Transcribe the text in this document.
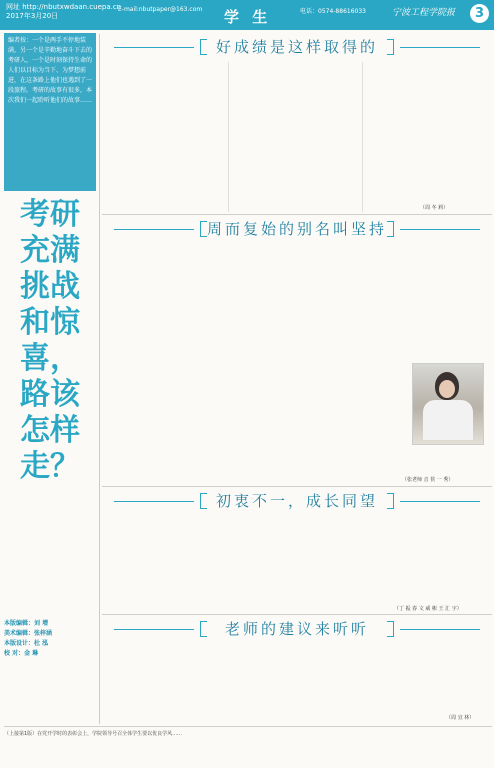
网址 http://nbutxwdaan.cuepa.cn
2017年3月20日
E-mail:nbutpaper@163.com 学 生	电话：0574-88616033	宁波工程学院报	3
编者按：一个是两手不停地装满，另一个是辛勤地奋斗下去的考研人，一个是时刻保持生命的人们以目标为当下、为梦想前进，在这条路上他们也遇到了一段旅程。考研的故事有很多，本次我们一起聆听他们的故事……
考研充满挑战和惊喜，路该怎样走？
本版编辑：刘 增
美术编辑：张梓涵
本版设计：杜 泓
校 对：金 琳
好成绩是这样取得的
（周 冬 莉）
周而复始的别名叫坚持
（张老师 音 侯 一 秀）
初衷不一，成长同望
（丁 振 春 文 威 彬 王 汇 宇）
老师的建议来听听
（周 宜 林）
（上接第1版）在党开学时的表彰会上，学院领导号召全体学生要以优良学风……
